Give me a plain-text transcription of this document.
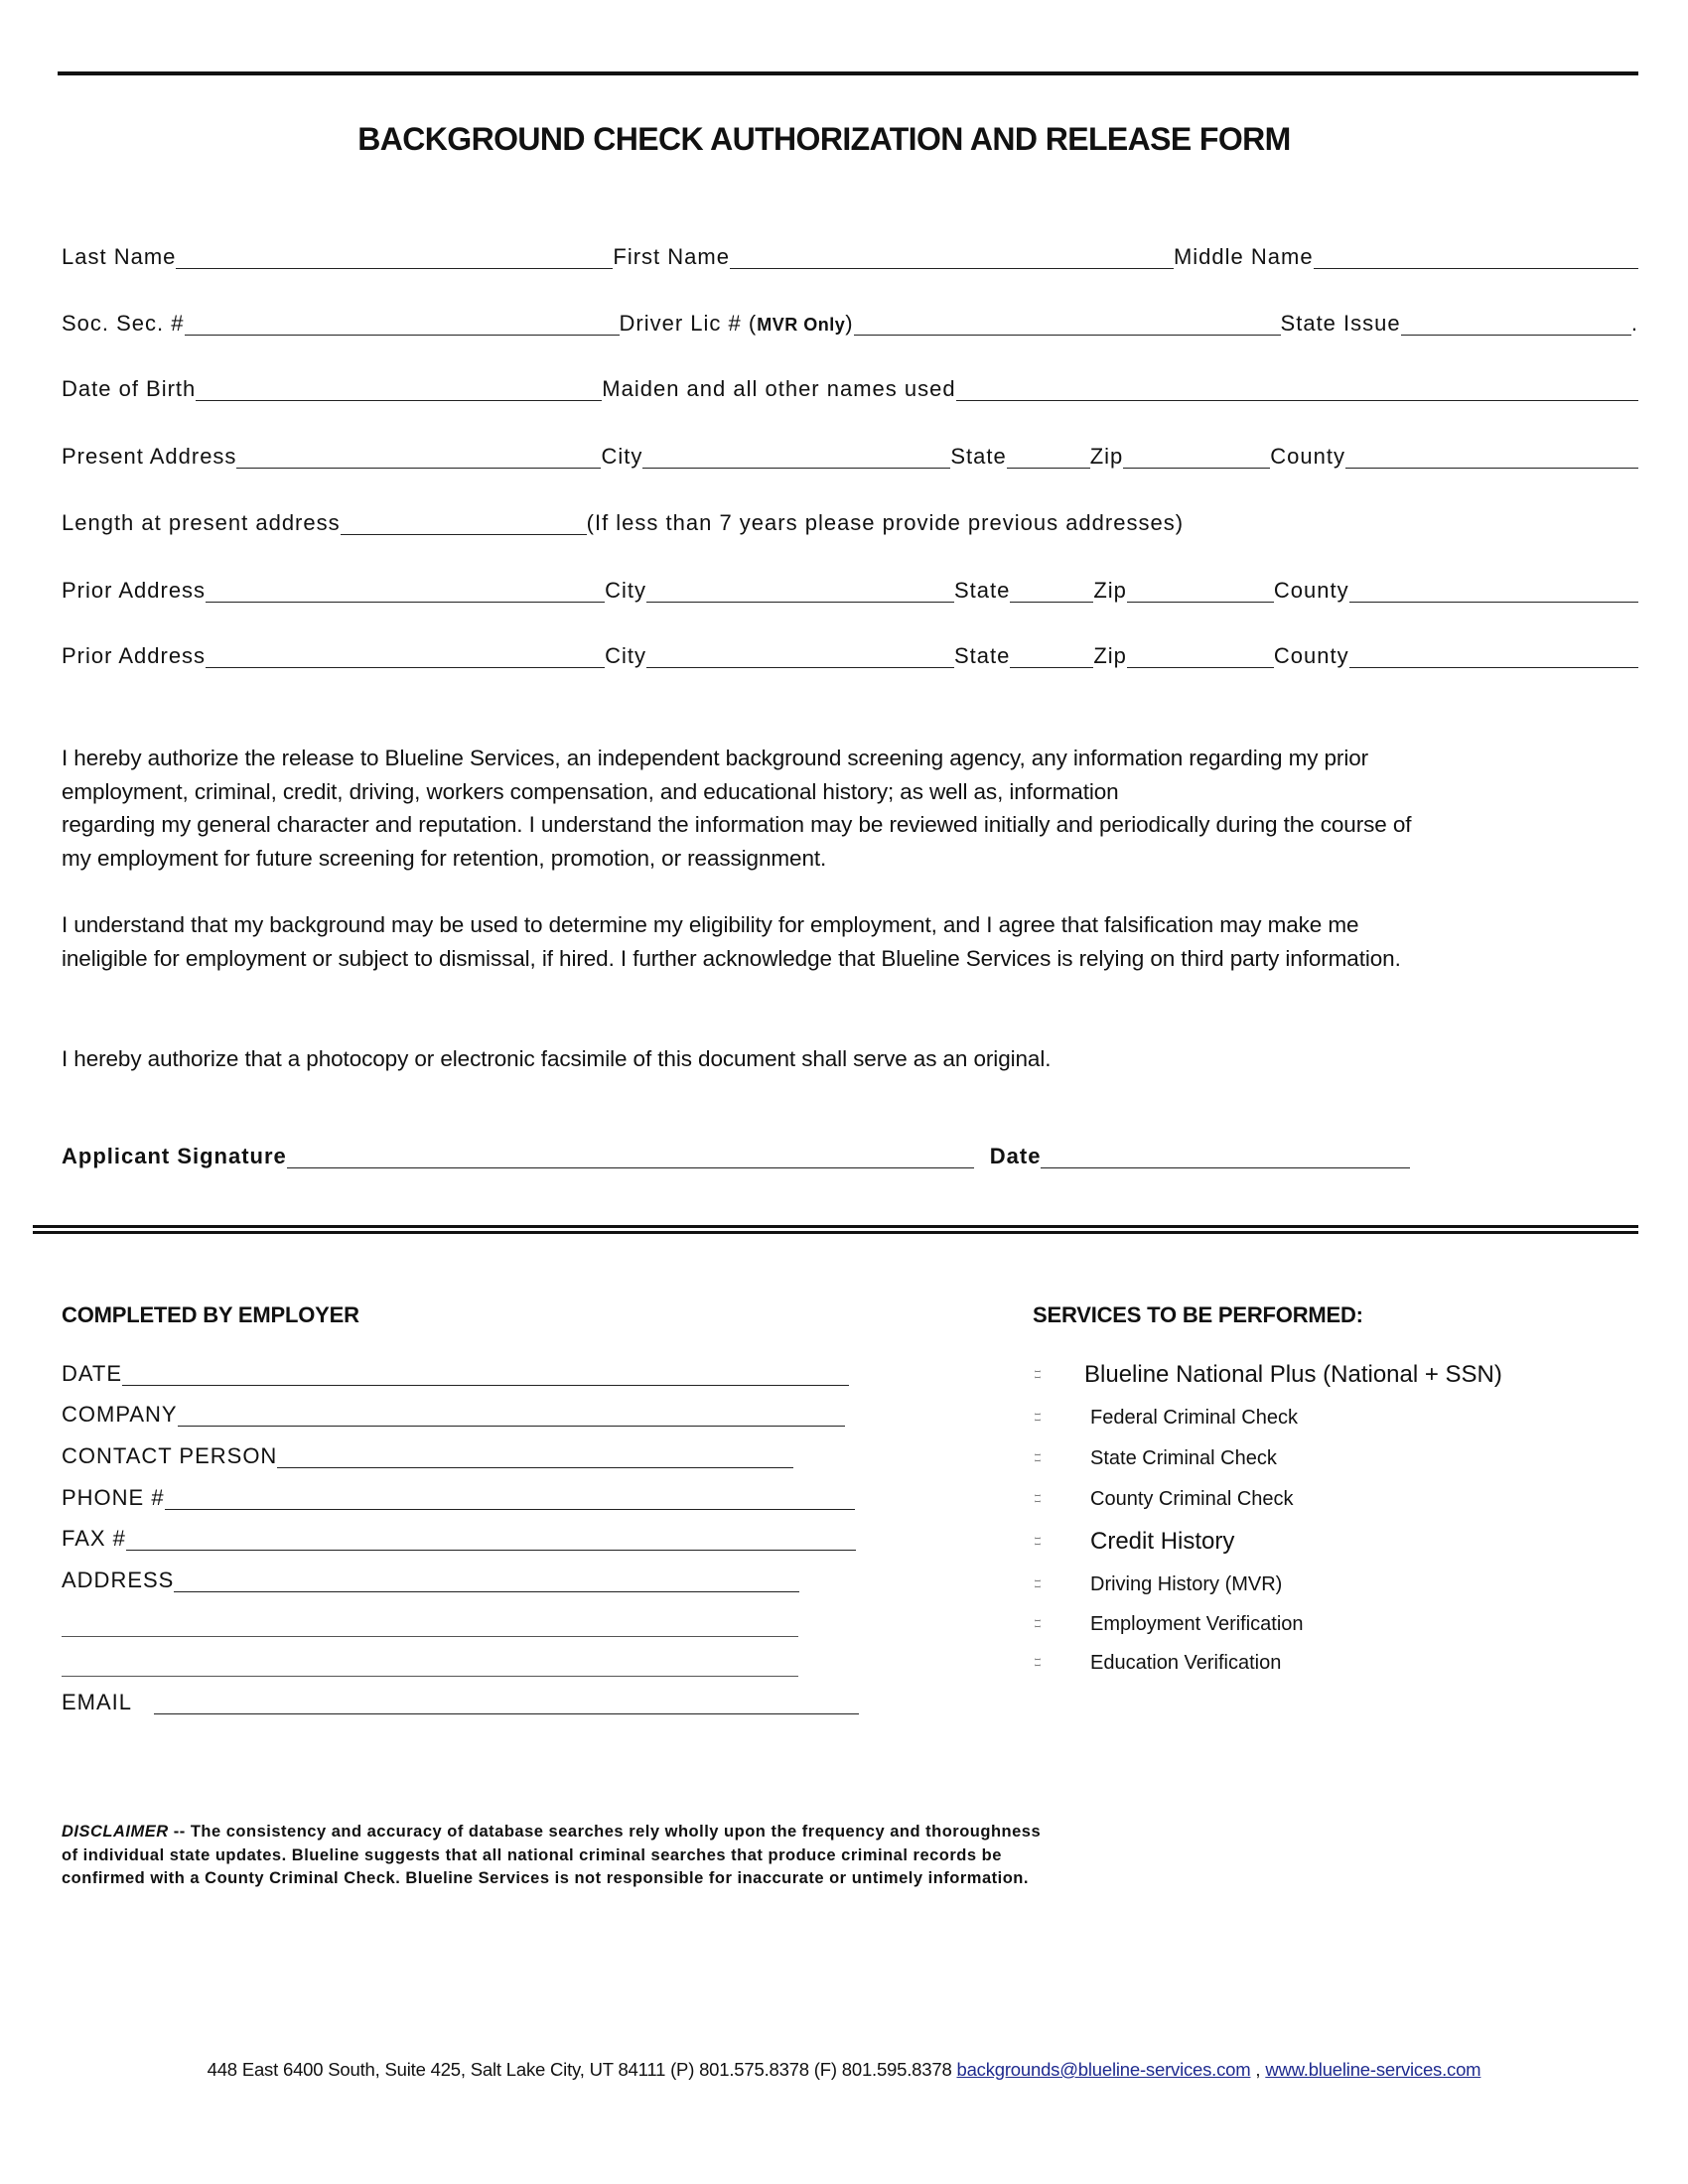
BACKGROUND CHECK AUTHORIZATION AND RELEASE FORM
Last Name	First Name	Middle Name
Soc. Sec. #	Driver Lic # (MVR Only)	State Issue	.
Date of Birth	Maiden and all other names used
Present Address	City	State	Zip	County
Length at present address	(If less than 7 years please provide previous addresses)
Prior Address	City	State	Zip	County
Prior Address	City	State	Zip	County

I hereby authorize the release to Blueline Services, an independent background screening agency, any information regarding my prior

employment, criminal, credit, driving, workers compensation, and educational history; as well as, information

regarding my general character and reputation. I understand the information may be reviewed initially and periodically during the course of

my employment for future screening for retention, promotion, or reassignment.

I understand that my background may be used to determine my eligibility for employment, and I agree that falsification may make me

ineligible for employment or subject to dismissal, if hired. I further acknowledge that Blueline Services is relying on third party information.

I hereby authorize that a photocopy or electronic facsimile of this document shall serve as an original.

Applicant Signature	Date
COMPLETED BY EMPLOYER
DATE
COMPANY
CONTACT PERSON
PHONE #
FAX #
ADDRESS
EMAIL
SERVICES TO BE PERFORMED:
ꟷ
ꟷ Blueline National Plus (National + SSN)
ꟷ
ꟷ	Federal Criminal Check
ꟷ
ꟷ	State Criminal Check
ꟷ
ꟷ	County Criminal Check
ꟷ
ꟷ Credit History
ꟷ
ꟷ	Driving History (MVR)
ꟷ
ꟷ	Employment Verification
ꟷ
ꟷ	Education Verification
DISCLAIMER -- The consistency and accuracy of database searches rely wholly upon the frequency and thoroughness
of individual state updates. Blueline suggests that all national criminal searches that produce criminal records be
confirmed with a County Criminal Check. Blueline Services is not responsible for inaccurate or untimely information.
448 East 6400 South, Suite 425, Salt Lake City, UT 84111 (P) 801.575.8378 (F) 801.595.8378 backgrounds@blueline-services.com , www.blueline-services.com
